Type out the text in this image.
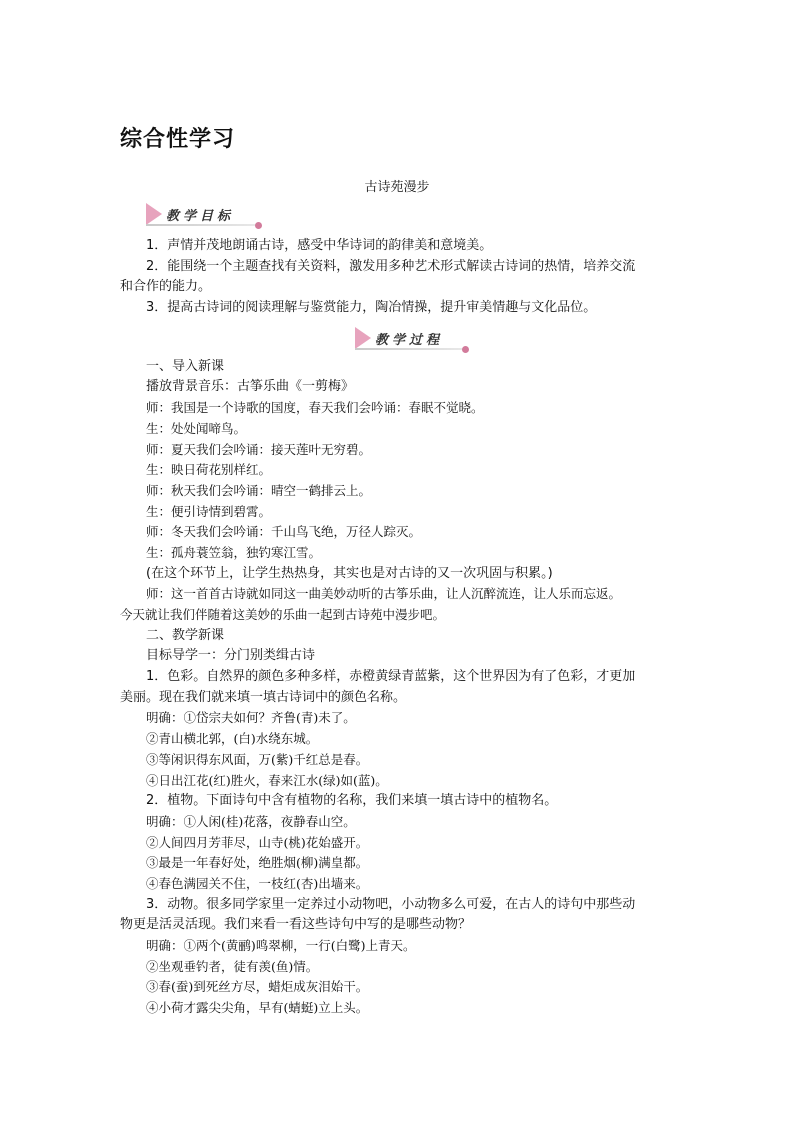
综合性学习
古诗苑漫步
教学目标
1．声情并茂地朗诵古诗，感受中华诗词的韵律美和意境美。
2．能围绕一个主题查找有关资料，激发用多种艺术形式解读古诗词的热情，培养交流
和合作的能力。
3．提高古诗词的阅读理解与鉴赏能力，陶冶情操，提升审美情趣与文化品位。
一、导入新课
播放背景音乐：古筝乐曲《一剪梅》
师：我国是一个诗歌的国度，春天我们会吟诵：春眠不觉晓。
生：处处闻啼鸟。
师：夏天我们会吟诵：接天莲叶无穷碧。
生：映日荷花别样红。
师：秋天我们会吟诵：晴空一鹤排云上。
生：便引诗情到碧霄。
师：冬天我们会吟诵：千山鸟飞绝，万径人踪灭。
生：孤舟蓑笠翁，独钓寒江雪。
(在这个环节上，让学生热热身，其实也是对古诗的又一次巩固与积累。)
师：这一首首古诗就如同这一曲美妙动听的古筝乐曲，让人沉醉流连，让人乐而忘返。
今天就让我们伴随着这美妙的乐曲一起到古诗苑中漫步吧。
二、教学新课
目标导学一：分门别类缉古诗
1．色彩。自然界的颜色多种多样，赤橙黄绿青蓝紫，这个世界因为有了色彩，才更加
美丽。现在我们就来填一填古诗词中的颜色名称。
明确：①岱宗夫如何？齐鲁(青)未了。
②青山横北郭，(白)水绕东城。
③等闲识得东风面，万(紫)千红总是春。
④日出江花(红)胜火，春来江水(绿)如(蓝)。
2．植物。下面诗句中含有植物的名称，我们来填一填古诗中的植物名。
明确：①人闲(桂)花落，夜静春山空。
②人间四月芳菲尽，山寺(桃)花始盛开。
③最是一年春好处，绝胜烟(柳)满皇都。
④春色满园关不住，一枝红(杏)出墙来。
3．动物。很多同学家里一定养过小动物吧，小动物多么可爱，在古人的诗句中那些动
物更是活灵活现。我们来看一看这些诗句中写的是哪些动物？
明确：①两个(黄鹂)鸣翠柳，一行(白鹭)上青天。
②坐观垂钓者，徒有羡(鱼)情。
③春(蚕)到死丝方尽，蜡炬成灰泪始干。
④小荷才露尖尖角，早有(蜻蜓)立上头。
教学过程
